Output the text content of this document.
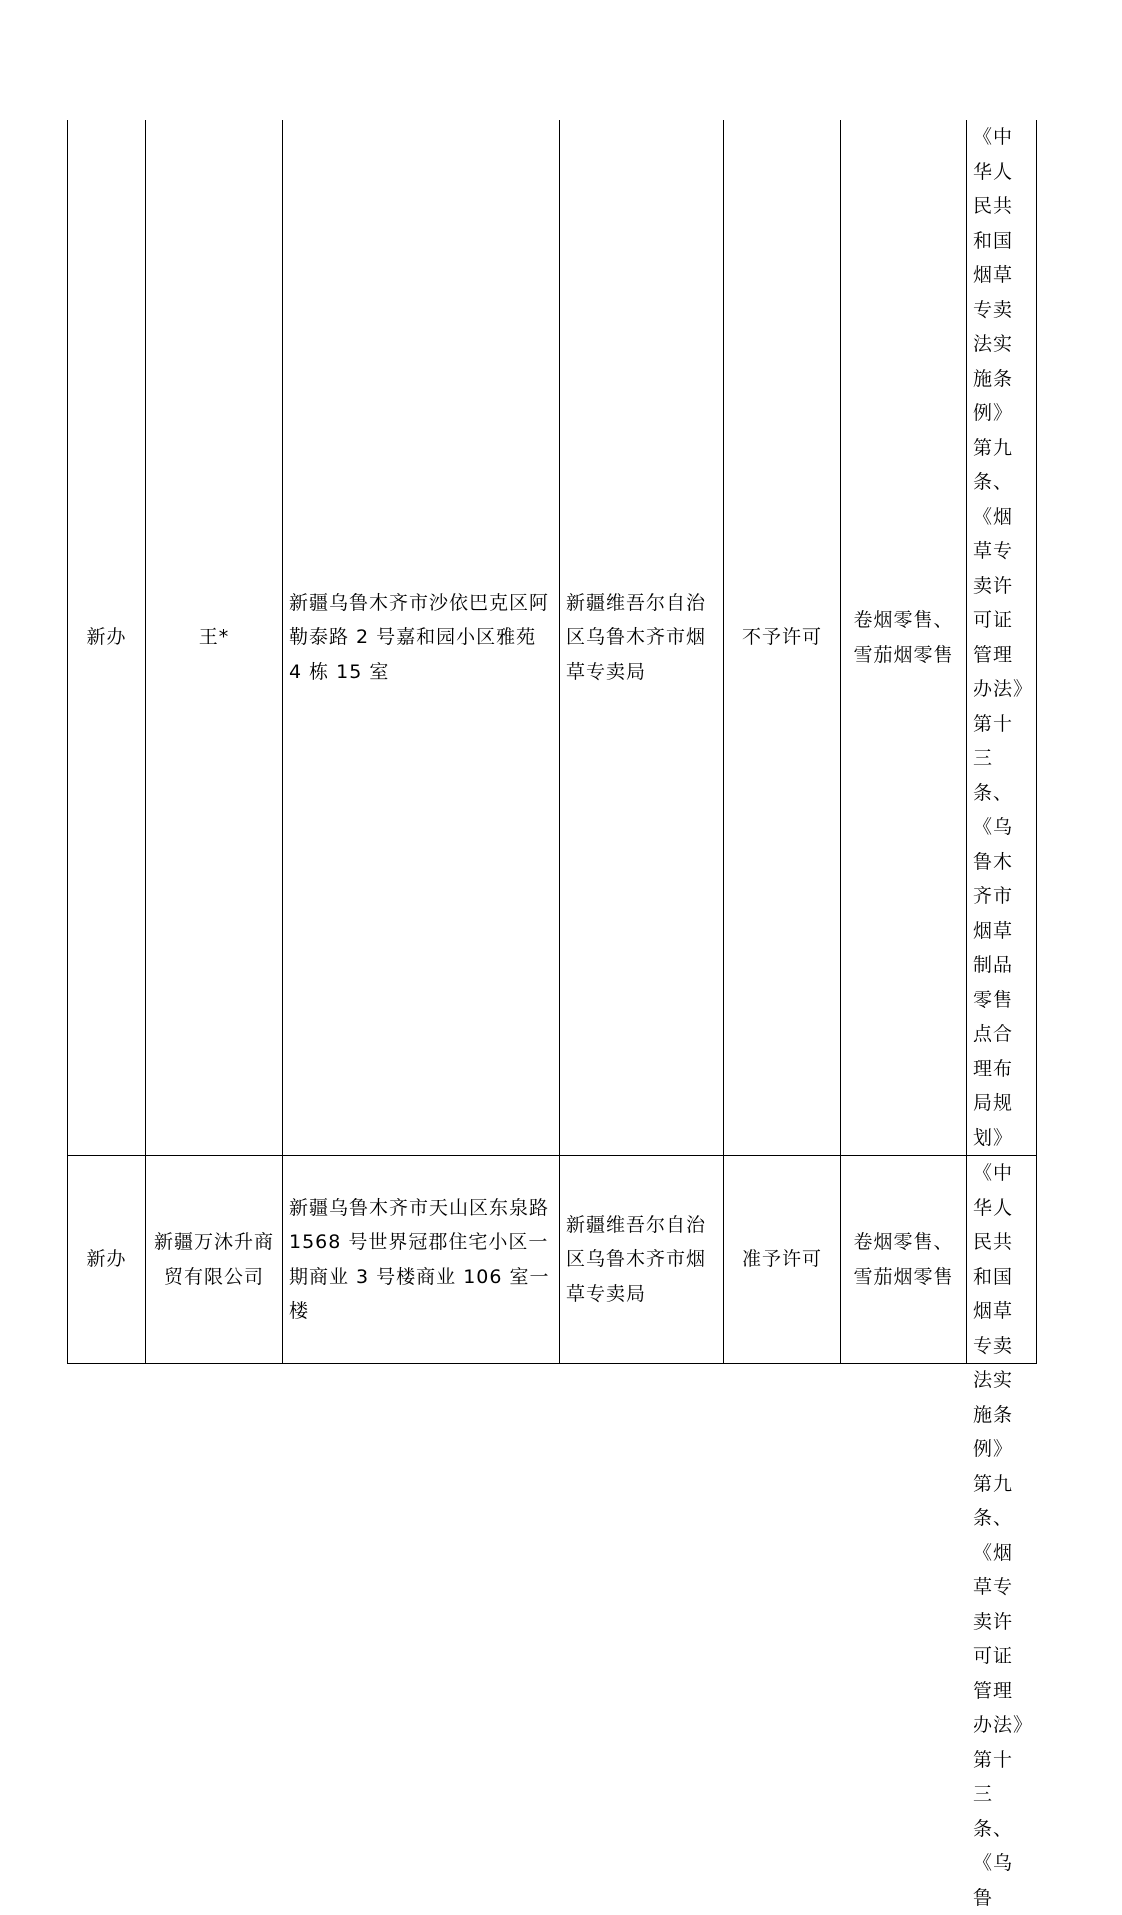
新办	王*	新疆乌鲁木齐市沙依巴克区阿勒泰路 2 号嘉和园小区雅苑 4 栋 15 室	新疆维吾尔自治区乌鲁木齐市烟草专卖局	不予许可	卷烟零售、雪茄烟零售	《中华人民共和国烟草专卖法实施条例》第九条、《烟草专卖许可证管理办法》第十三条、《乌鲁木齐市烟草制品零售点合理布局规划》
新办	新疆万沐升商贸有限公司	新疆乌鲁木齐市天山区东泉路 1568 号世界冠郡住宅小区一期商业 3 号楼商业 106 室一楼	新疆维吾尔自治区乌鲁木齐市烟草专卖局	准予许可	卷烟零售、雪茄烟零售	《中华人民共和国烟草专卖法实施条例》第九条、《烟草专卖许可证管理办法》第十三条、《乌鲁
